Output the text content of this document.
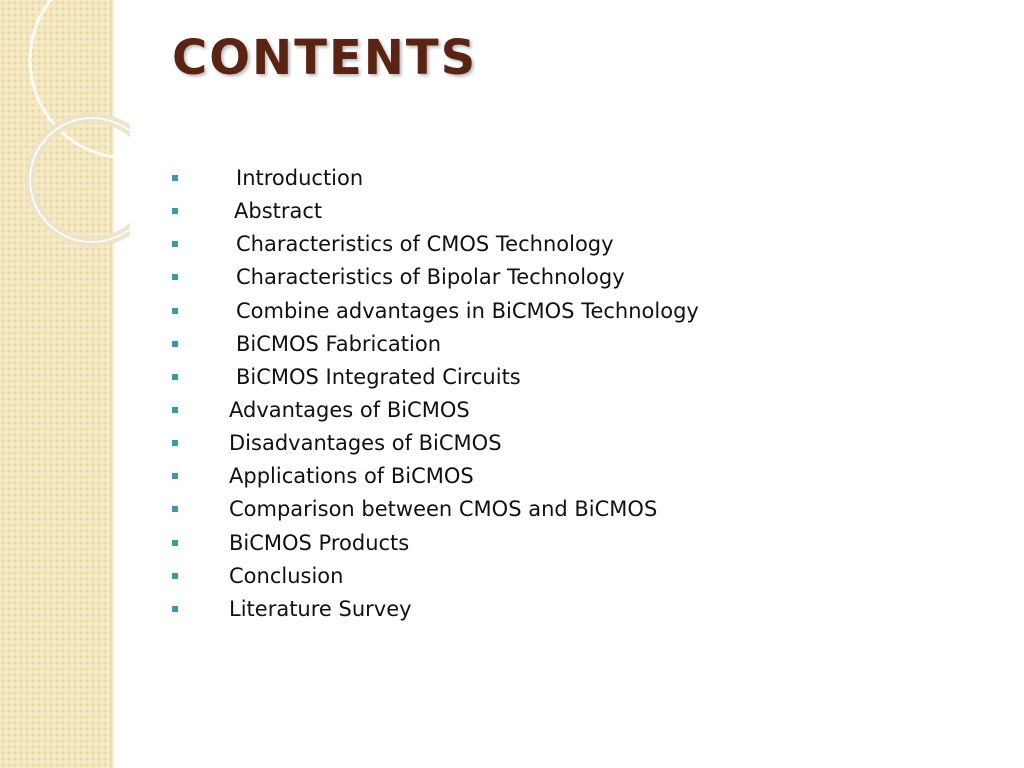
CONTENTS
Introduction
Abstract
Characteristics of CMOS Technology
Characteristics of Bipolar Technology
Combine advantages in BiCMOS Technology
BiCMOS Fabrication
BiCMOS Integrated Circuits
Advantages of BiCMOS
Disadvantages of BiCMOS
Applications of BiCMOS
Comparison between CMOS and BiCMOS
BiCMOS Products
Conclusion
Literature Survey
